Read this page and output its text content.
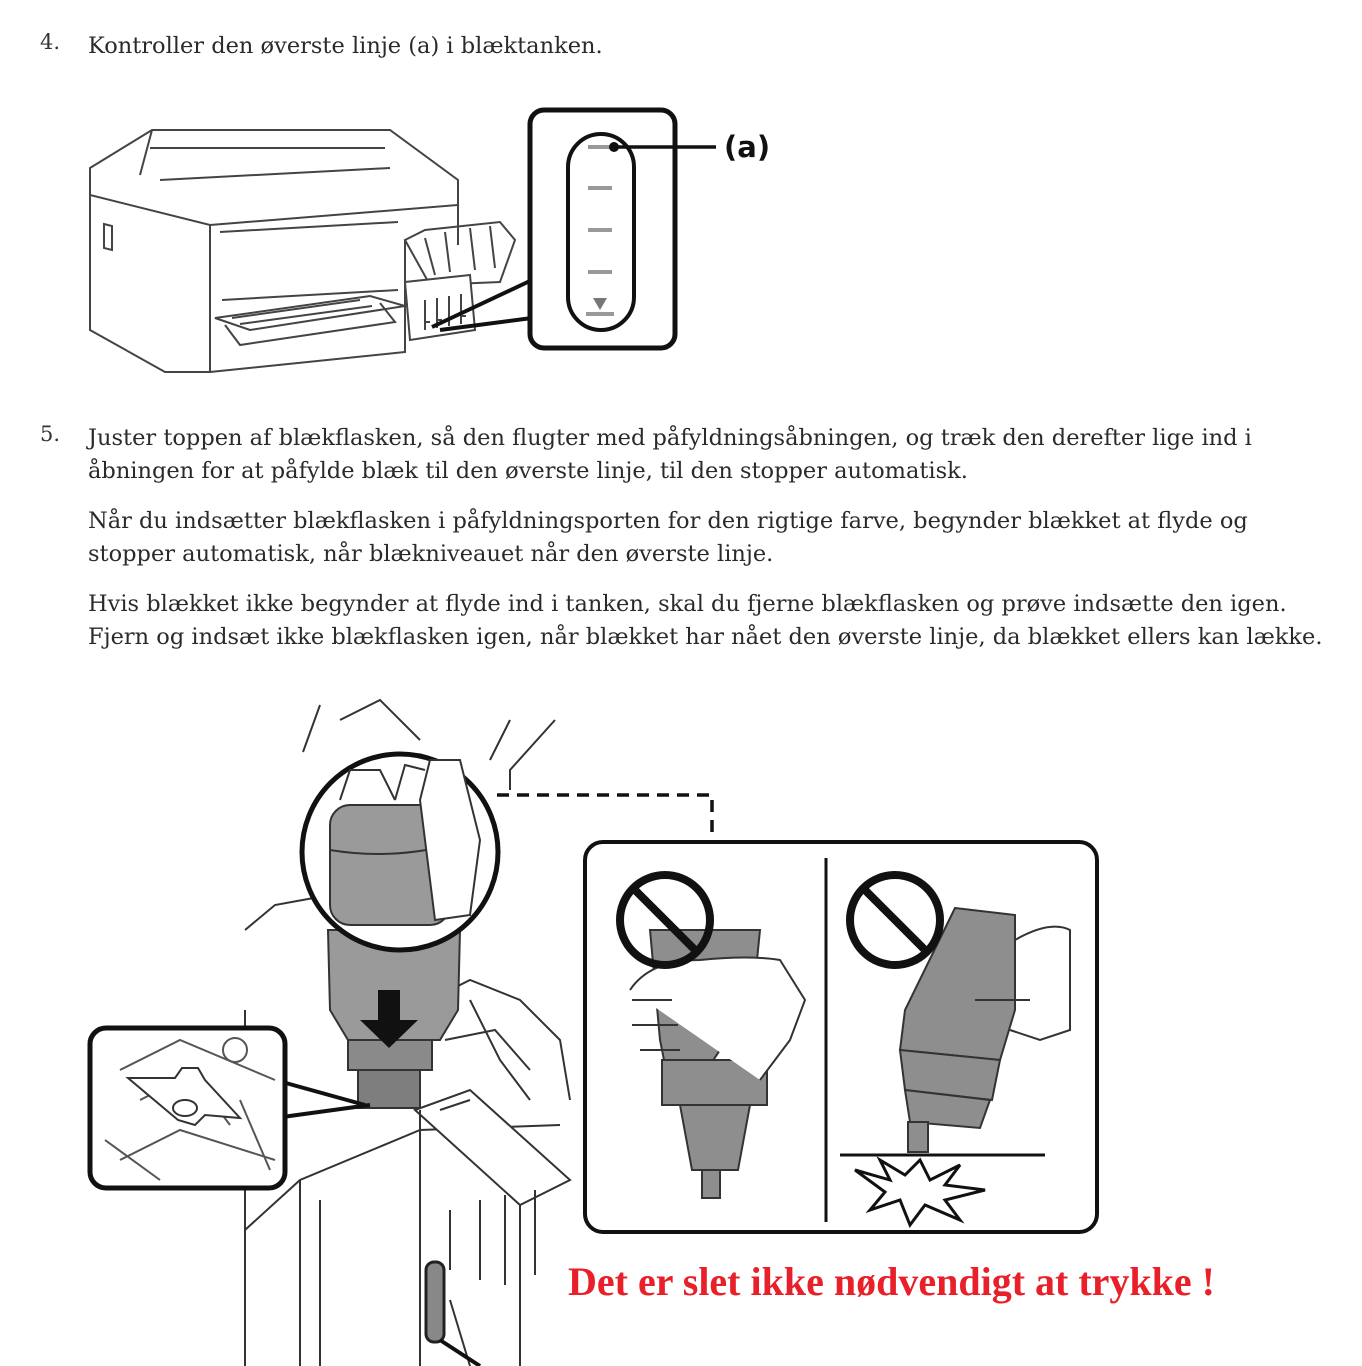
4. Kontroller den øverste linje (a) i blæktanken.

5. Juster toppen af blækflasken, så den flugter med påfyldningsåbningen, og træk den derefter lige ind i åbningen for at påfylde blæk til den øverste linje, til den stopper automatisk.

Når du indsætter blækflasken i påfyldningsporten for den rigtige farve, begynder blækket at flyde og stopper automatisk, når blækniveauet når den øverste linje.

Hvis blækket ikke begynder at flyde ind i tanken, skal du fjerne blækflasken og prøve indsætte den igen. Fjern og indsæt ikke blækflasken igen, når blækket har nået den øverste linje, da blækket ellers kan lække.

(a)
Det er slet ikke nødvendigt at trykke !
